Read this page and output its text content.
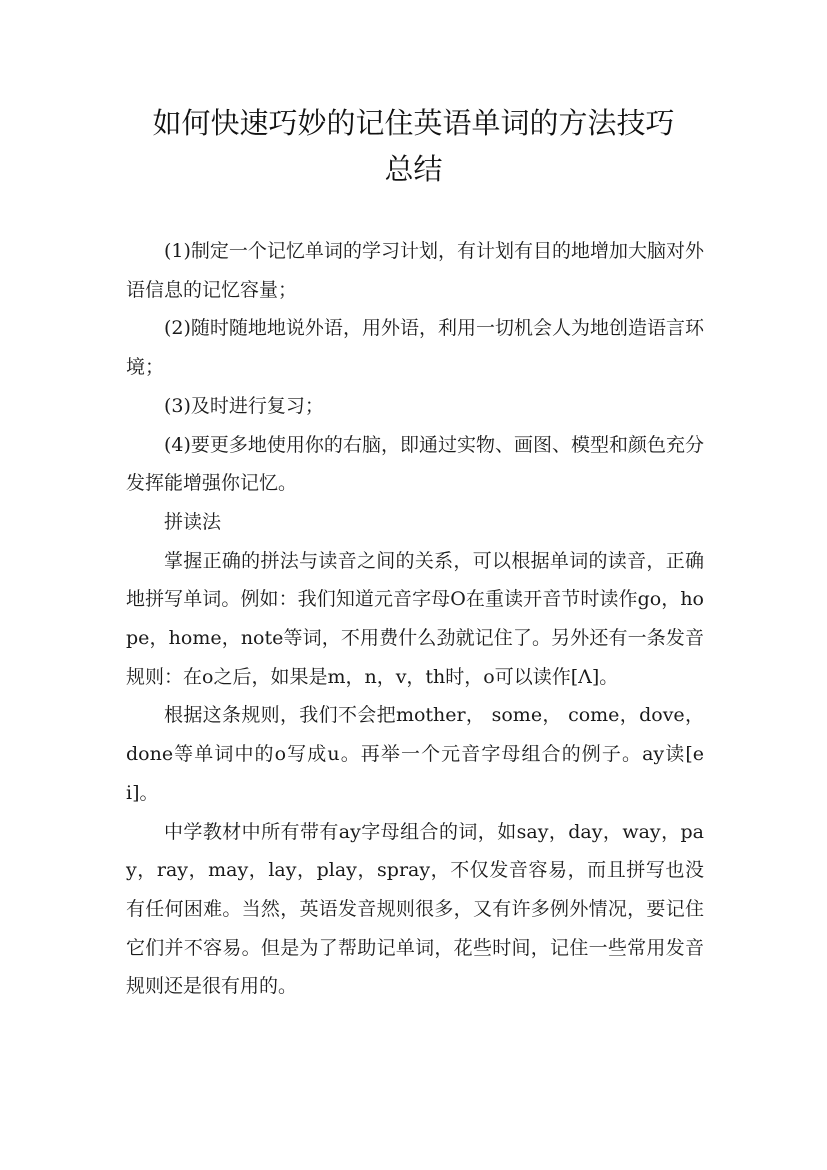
如何快速巧妙的记住英语单词的方法技巧
总结

(1)制定一个记忆单词的学习计划，有计划有目的地增加大脑对外语信息的记忆容量；

(2)随时随地地说外语，用外语，利用一切机会人为地创造语言环境；

(3)及时进行复习；

(4)要更多地使用你的右脑，即通过实物、画图、模型和颜色充分发挥能增强你记忆。

拼读法

掌握正确的拼法与读音之间的关系，可以根据单词的读音，正确地拼写单词。例如：我们知道元音字母O在重读开音节时读作go，hope，home，note等词，不用费什么劲就记住了。另外还有一条发音规则：在o之后，如果是m，n，v，th时，o可以读作[Λ]。

根据这条规则，我们不会把mother， some， come，dove，done等单词中的o写成u。再举一个元音字母组合的例子。ay读[ei]。

中学教材中所有带有ay字母组合的词，如say，day，way，pay，ray，may，lay，play，spray，不仅发音容易，而且拼写也没有任何困难。当然，英语发音规则很多，又有许多例外情况，要记住它们并不容易。但是为了帮助记单词，花些时间，记住一些常用发音规则还是很有用的。
